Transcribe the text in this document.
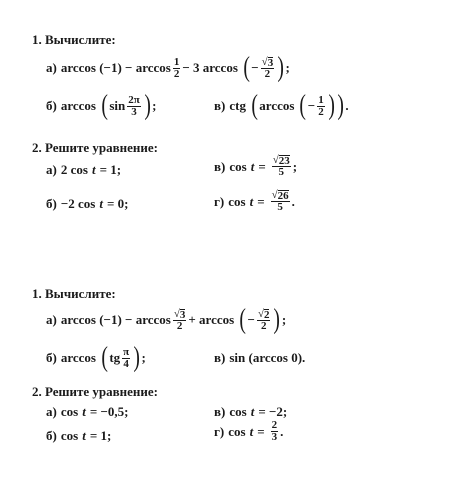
1. Вычислите:
а) $\arccos (-1) - \arccos \frac{1}{2} - 3$ arccos ( − $\frac{√ 3}{2}$ ) ;
б) arccos ( $\sin \frac{2\pi}{3}$ ) ;	в) ctg ( arccos ( − $\frac{1}{2}$ ) ) .
2. Решите уравнение:
а) 2 cos t = 1;	в) $\cos t = \frac{√ 23}{5}$ ;
б) −2 cos t = 0;	г) $\cos t = \frac{√ 26}{5}$ .
1. Вычислите:
а) $\arccos (-1) - \arccos \frac{√ 3}{2} + \arccos$ ( − $\frac{√ 2}{2}$ ) ;
б) arccos ( tg $\frac{\pi}{4}$ ) ;	в) sin (arccos 0).
2. Решите уравнение:
а) cos t = −0,5;	в) cos t = −2;
б) cos t = 1;	г) $\cos t = \frac{2}{3}$ .
